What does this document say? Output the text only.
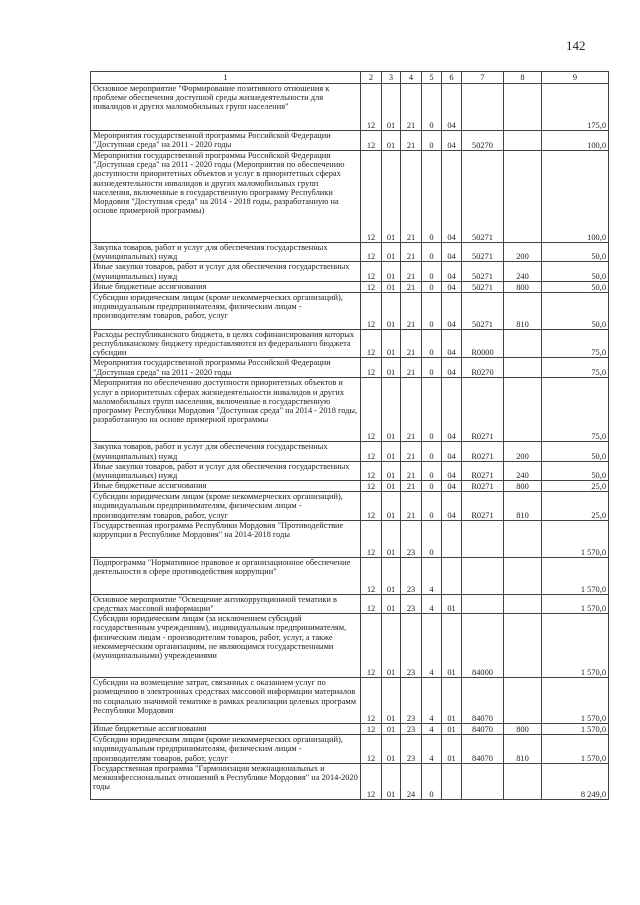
142
1	2	3	4	5	6	7	8	9
Основное мероприятие "Формирование позитивного отношения к проблеме обеспечения доступной среды жизнедеятельности для инвалидов и других маломобильных групп населения"	12	01	21	0	04			175,0
Мероприятия государственной программы Российской Федерации "Доступная среда" на 2011 - 2020 годы	12	01	21	0	04	50270		100,0
Мероприятия государственной программы Российской Федерации "Доступная среда" на 2011 - 2020 годы (Мероприятия по обеспечению доступности приоритетных объектов и услуг в приоритетных сферах жизнедеятельности инвалидов и других маломобильных групп населения, включенные в государственную программу Республики Мордовия "Доступная среда" на 2014 - 2018 годы, разработанную на основе примерной программы)	12	01	21	0	04	50271		100,0
Закупка товаров, работ и услуг для обеспечения государственных (муниципальных) нужд	12	01	21	0	04	50271	200	50,0
Иные закупки товаров, работ и услуг для обеспечения государственных (муниципальных) нужд	12	01	21	0	04	50271	240	50,0
Иные бюджетные ассигнования	12	01	21	0	04	50271	800	50,0
Субсидии юридическим лицам (кроме некоммерческих организаций), индивидуальным предпринимателям, физическим лицам - производителям товаров, работ, услуг	12	01	21	0	04	50271	810	50,0
Расходы республиканского бюджета, в целях софинансирования которых республиканскому бюджету предоставляются из федерального бюджета субсидии	12	01	21	0	04	R0000		75,0
Мероприятия государственной программы Российской Федерации "Доступная среда" на 2011 - 2020 годы	12	01	21	0	04	R0270		75,0
Мероприятия по обеспечению доступности приоритетных объектов и услуг в приоритетных сферах жизнедеятельности инвалидов и других маломобильных групп населения, включенные в государственную программу Республики Мордовия "Доступная среда" на 2014 - 2018 годы, разработанную на основе примерной программы	12	01	21	0	04	R0271		75,0
Закупка товаров, работ и услуг для обеспечения государственных (муниципальных) нужд	12	01	21	0	04	R0271	200	50,0
Иные закупки товаров, работ и услуг для обеспечения государственных (муниципальных) нужд	12	01	21	0	04	R0271	240	50,0
Иные бюджетные ассигнования	12	01	21	0	04	R0271	800	25,0
Субсидии юридическим лицам (кроме некоммерческих организаций), индивидуальным предпринимателям, физическим лицам - производителям товаров, работ, услуг	12	01	21	0	04	R0271	810	25,0
Государственная программа Республики Мордовия "Противодействие коррупции в Республике Мордовия" на 2014-2018 годы	12	01	23	0				1 570,0
Подпрограмма "Нормативное правовое и организационное обеспечение деятельности в сфере противодействия коррупции"	12	01	23	4				1 570,0
Основное мероприятие "Освещение антикоррупционной тематики в средствах массовой информации"	12	01	23	4	01			1 570,0
Субсидии юридическим лицам (за исключением субсидий государственным учреждениям), индивидуальным предпринимателям, физическим лицам - производителям товаров, работ, услуг, а также некоммерческим организациям, не являющимся государственными (муниципальными) учреждениями	12	01	23	4	01	84000		1 570,0
Субсидии на возмещение затрат, связанных с оказанием услуг по размещению в электронных средствах массовой информации материалов по социально значимой тематике в рамках реализации целевых программ Республики Мордовия	12	01	23	4	01	84070		1 570,0
Иные бюджетные ассигнования	12	01	23	4	01	84070	800	1 570,0
Субсидии юридическим лицам (кроме некоммерческих организаций), индивидуальным предпринимателям, физическим лицам - производителям товаров, работ, услуг	12	01	23	4	01	84070	810	1 570,0
Государственная программа "Гармонизация межнациональных и межконфессиональных отношений в Республике Мордовия" на 2014-2020 годы	12	01	24	0				8 249,0
